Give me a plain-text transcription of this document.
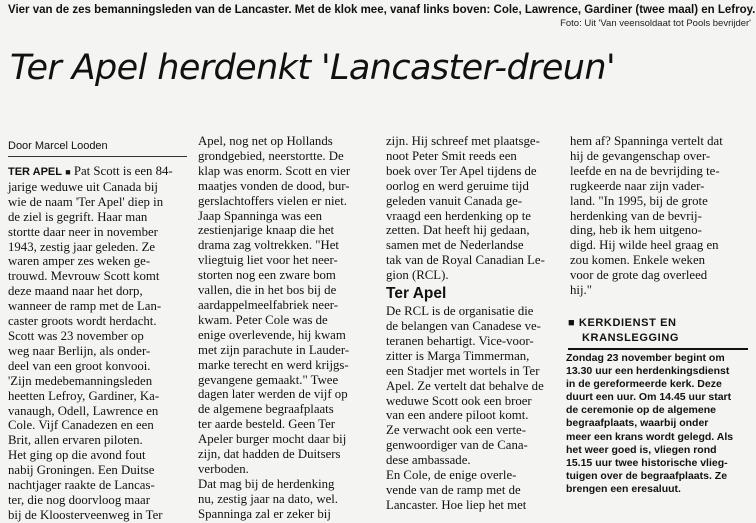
Vier van de zes bemanningsleden van de Lancaster. Met de klok mee, vanaf links boven: Cole, Lawrence, Gardiner (twee maal) en Lefroy.
Foto: Uit 'Van veensoldaat tot Pools bevrijder'
Ter Apel herdenkt 'Lancaster-dreun'
Door Marcel Looden

TER APEL ■ Pat Scott is een 84-

jarige weduwe uit Canada bij

wie de naam 'Ter Apel' diep in

de ziel is gegrift. Haar man

stortte daar neer in november

1943, zestig jaar geleden. Ze

waren amper zes weken ge-

trouwd. Mevrouw Scott komt

deze maand naar het dorp,

wanneer de ramp met de Lan-

caster groots wordt herdacht.

Scott was 23 november op

weg naar Berlijn, als onder-

deel van een groot konvooi.

'Zijn medebemanningsleden

heetten Lefroy, Gardiner, Ka-

vanaugh, Odell, Lawrence en

Cole. Vijf Canadezen en een

Brit, allen ervaren piloten.

Het ging op die avond fout

nabij Groningen. Een Duitse

nachtjager raakte de Lancas-

ter, die nog doorvloog maar

bij de Kloosterveenweg in Ter

Apel, nog net op Hollands

grondgebied, neerstortte. De

klap was enorm. Scott en vier

maatjes vonden de dood, bur-

gerslachtoffers vielen er niet.

Jaap Spanninga was een

zestienjarige knaap die het

drama zag voltrekken. "Het

vliegtuig liet voor het neer-

storten nog een zware bom

vallen, die in het bos bij de

aardappelmeelfabriek neer-

kwam. Peter Cole was de

enige overlevende, hij kwam

met zijn parachute in Lauder-

marke terecht en werd krijgs-

gevangene gemaakt." Twee

dagen later werden de vijf op

de algemene begraafplaats

ter aarde besteld. Geen Ter

Apeler burger mocht daar bij

zijn, dat hadden de Duitsers

verboden.

Dat mag bij de herdenking

nu, zestig jaar na dato, wel.

Spanninga zal er zeker bij

zijn. Hij schreef met plaatsge-

noot Peter Smit reeds een

boek over Ter Apel tijdens de

oorlog en werd geruime tijd

geleden vanuit Canada ge-

vraagd een herdenking op te

zetten. Dat heeft hij gedaan,

samen met de Nederlandse

tak van de Royal Canadian Le-

gion (RCL).

Ter Apel

De RCL is de organisatie die

de belangen van Canadese ve-

teranen behartigt. Vice-voor-

zitter is Marga Timmerman,

een Stadjer met wortels in Ter

Apel. Ze vertelt dat behalve de

weduwe Scott ook een broer

van een andere piloot komt.

Ze verwacht ook een verte-

genwoordiger van de Cana-

dese ambassade.

En Cole, de enige overle-

vende van de ramp met de

Lancaster. Hoe liep het met

hem af? Spanninga vertelt dat

hij de gevangenschap over-

leefde en na de bevrijding te-

rugkeerde naar zijn vader-

land. "In 1995, bij de grote

herdenking van de bevrij-

ding, heb ik hem uitgeno-

digd. Hij wilde heel graag en

zou komen. Enkele weken

voor de grote dag overleed

hij."

■ KERKDIENST EN

KRANSLEGGING

Zondag 23 november begint om

13.30 uur een herdenkingsdienst

in de gereformeerde kerk. Deze

duurt een uur. Om 14.45 uur start

de ceremonie op de algemene

begraafplaats, waarbij onder

meer een krans wordt gelegd. Als

het weer goed is, vliegen rond

15.15 uur twee historische vlieg-

tuigen over de begraafplaats. Ze

brengen een eresaluut.
